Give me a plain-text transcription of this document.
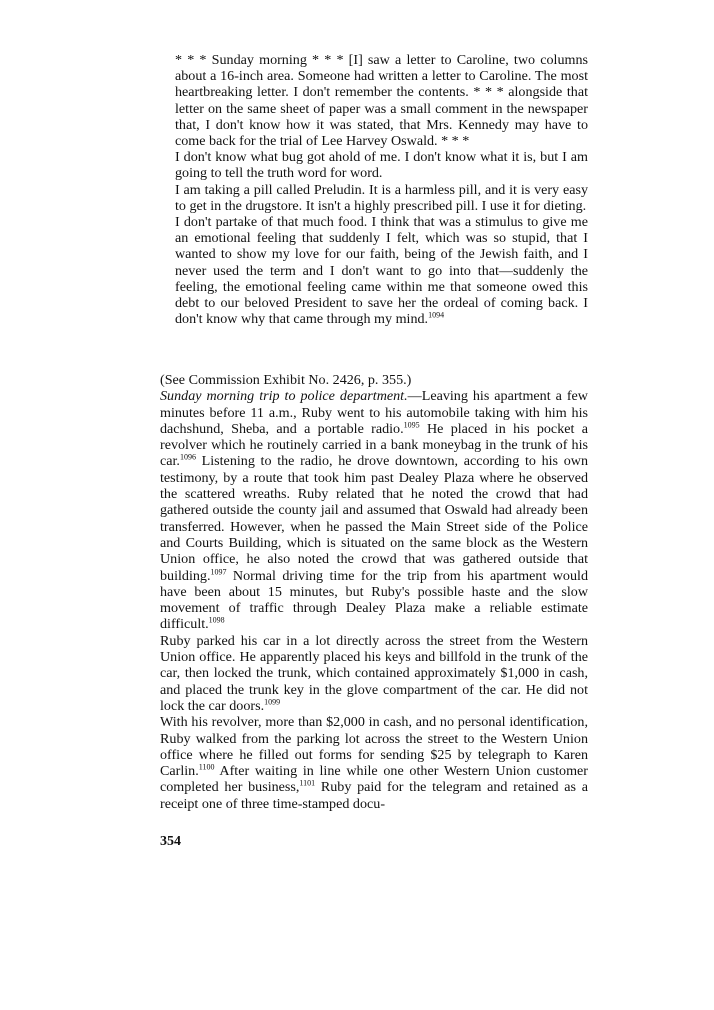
* * * Sunday morning * * * [I] saw a letter to Caroline, two columns about a 16-inch area. Someone had written a letter to Caroline. The most heartbreaking letter. I don't remember the contents. * * * alongside that letter on the same sheet of paper was a small comment in the newspaper that, I don't know how it was stated, that Mrs. Kennedy may have to come back for the trial of Lee Harvey Oswald. * * *

I don't know what bug got ahold of me. I don't know what it is, but I am going to tell the truth word for word.

I am taking a pill called Preludin. It is a harmless pill, and it is very easy to get in the drugstore. It isn't a highly prescribed pill. I use it for dieting.

I don't partake of that much food. I think that was a stimulus to give me an emotional feeling that suddenly I felt, which was so stupid, that I wanted to show my love for our faith, being of the Jewish faith, and I never used the term and I don't want to go into that—suddenly the feeling, the emotional feeling came within me that someone owed this debt to our beloved President to save her the ordeal of coming back. I don't know why that came through my mind.$^{1094}$

(See Commission Exhibit No. 2426, p. 355.)

Sunday morning trip to police department.—Leaving his apartment a few minutes before 11 a.m., Ruby went to his automobile taking with him his dachshund, Sheba, and a portable radio.$^{1095}$ He placed in his pocket a revolver which he routinely carried in a bank moneybag in the trunk of his car.$^{1096}$ Listening to the radio, he drove downtown, according to his own testimony, by a route that took him past Dealey Plaza where he observed the scattered wreaths. Ruby related that he noted the crowd that had gathered outside the county jail and assumed that Oswald had already been transferred. However, when he passed the Main Street side of the Police and Courts Building, which is situated on the same block as the Western Union office, he also noted the crowd that was gathered outside that building.$^{1097}$ Normal driving time for the trip from his apartment would have been about 15 minutes, but Ruby's possible haste and the slow movement of traffic through Dealey Plaza make a reliable estimate difficult.$^{1098}$

Ruby parked his car in a lot directly across the street from the Western Union office. He apparently placed his keys and billfold in the trunk of the car, then locked the trunk, which contained approximately $1,000 in cash, and placed the trunk key in the glove compartment of the car. He did not lock the car doors.$^{1099}$

With his revolver, more than $2,000 in cash, and no personal identification, Ruby walked from the parking lot across the street to the Western Union office where he filled out forms for sending $25 by telegraph to Karen Carlin.$^{1100}$ After waiting in line while one other Western Union customer completed her business,$^{1101}$ Ruby paid for the telegram and retained as a receipt one of three time-stamped docu-

354
